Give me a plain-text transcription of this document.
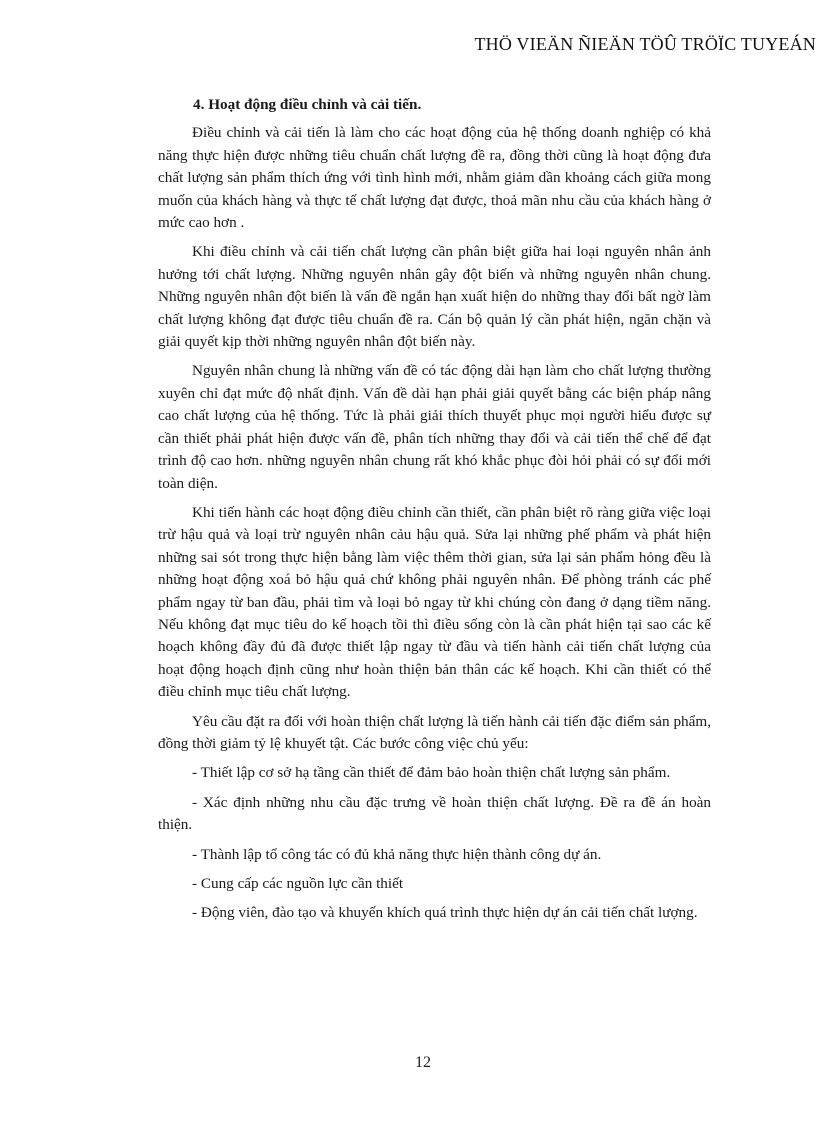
THÖ VIEÄN ÑIEÄN TÖÛ TRÖÏC TUYEÁN

4. Hoạt động điều chỉnh và cải tiến.

Điều chỉnh và cải tiến là làm cho các hoạt động của hệ thống doanh nghiệp có khả năng thực hiện được những tiêu chuẩn chất lượng đề ra, đồng thời cũng là hoạt động đưa chất lượng sản phẩm thích ứng với tình hình mới, nhằm giảm dần khoảng cách giữa mong muốn của khách hàng và thực tế chất lượng đạt được, thoả mãn nhu cầu của khách hàng ở mức cao hơn .

Khi điều chỉnh và cải tiến chất lượng cần phân biệt giữa hai loại nguyên nhân ảnh hưởng tới chất lượng. Những nguyên nhân gây đột biến và những nguyên nhân chung. Những nguyên nhân đột biến là vấn đề ngắn hạn xuất hiện do những thay đổi bất ngờ làm chất lượng không đạt được tiêu chuẩn đề ra. Cán bộ quản lý cần phát hiện, ngăn chặn và giải quyết kịp thời những nguyên nhân đột biến này.

Nguyên nhân chung là những vấn đề có tác động dài hạn làm cho chất lượng thường xuyên chỉ đạt mức độ nhất định. Vấn đề dài hạn phải giải quyết bằng các biện pháp nâng cao chất lượng của hệ thống. Tức là phải giải thích thuyết phục mọi người hiểu được sự cần thiết phải phát hiện được vấn đề, phân tích những thay đổi và cải tiến thể chế để đạt trình độ cao hơn. những nguyên nhân chung rất khó khắc phục đòi hỏi phải có sự đổi mới toàn diện.

Khi tiến hành các hoạt động điều chỉnh cần thiết, cần phân biệt rõ ràng giữa việc loại trừ hậu quả và loại trừ nguyên nhân cảu hậu quả. Sửa lại những phế phẩm và phát hiện những sai sót trong thực hiện bằng làm việc thêm thời gian, sửa lại sản phẩm hỏng đều là những hoạt động xoá bỏ hậu quả chứ không phải nguyên nhân. Để phòng tránh các phế phẩm ngay từ ban đầu, phải tìm và loại bỏ ngay từ khi chúng còn đang ở dạng tiềm năng. Nếu không đạt mục tiêu do kế hoạch tồi thì điều sống còn là cần phát hiện tại sao các kế hoạch không đầy đủ đã được thiết lập ngay từ đầu và tiến hành cải tiến chất lượng của hoạt động hoạch định cũng như hoàn thiện bản thân các kế hoạch. Khi cần thiết có thể điều chỉnh mục tiêu chất lượng.

Yêu cầu đặt ra đối với hoàn thiện chất lượng là tiến hành cải tiến đặc điểm sản phẩm, đồng thời giảm tỷ lệ khuyết tật. Các bước công việc chủ yếu:

- Thiết lập cơ sở hạ tầng cần thiết để đảm bảo hoàn thiện chất lượng sản phẩm.

- Xác định những nhu cầu đặc trưng về hoàn thiện chất lượng. Đề ra đề án hoàn thiện.

- Thành lập tổ công tác có đủ khả năng thực hiện thành công dự án.

- Cung cấp các nguồn lực cần thiết

- Động viên, đào tạo và khuyến khích quá trình thực hiện dự án cải tiến chất lượng.

12
